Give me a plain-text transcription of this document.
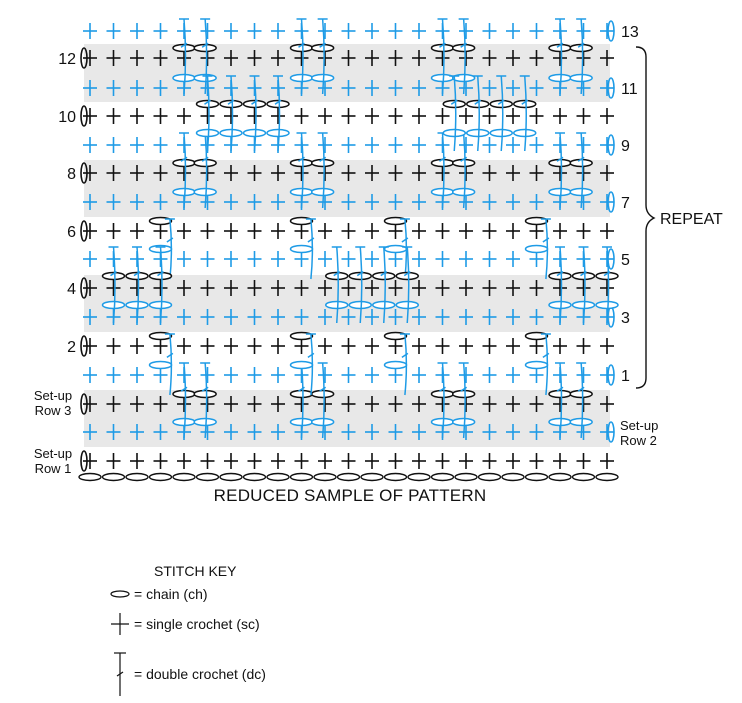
12
10
8
6
4
2
13
11
9
7
5
3
1
Set-up
Row 3
Set-up
Row 2
Set-up
Row 1
REPEAT
REDUCED SAMPLE OF PATTERN
STITCH KEY
= chain (ch)
= single crochet (sc)
= double crochet (dc)
